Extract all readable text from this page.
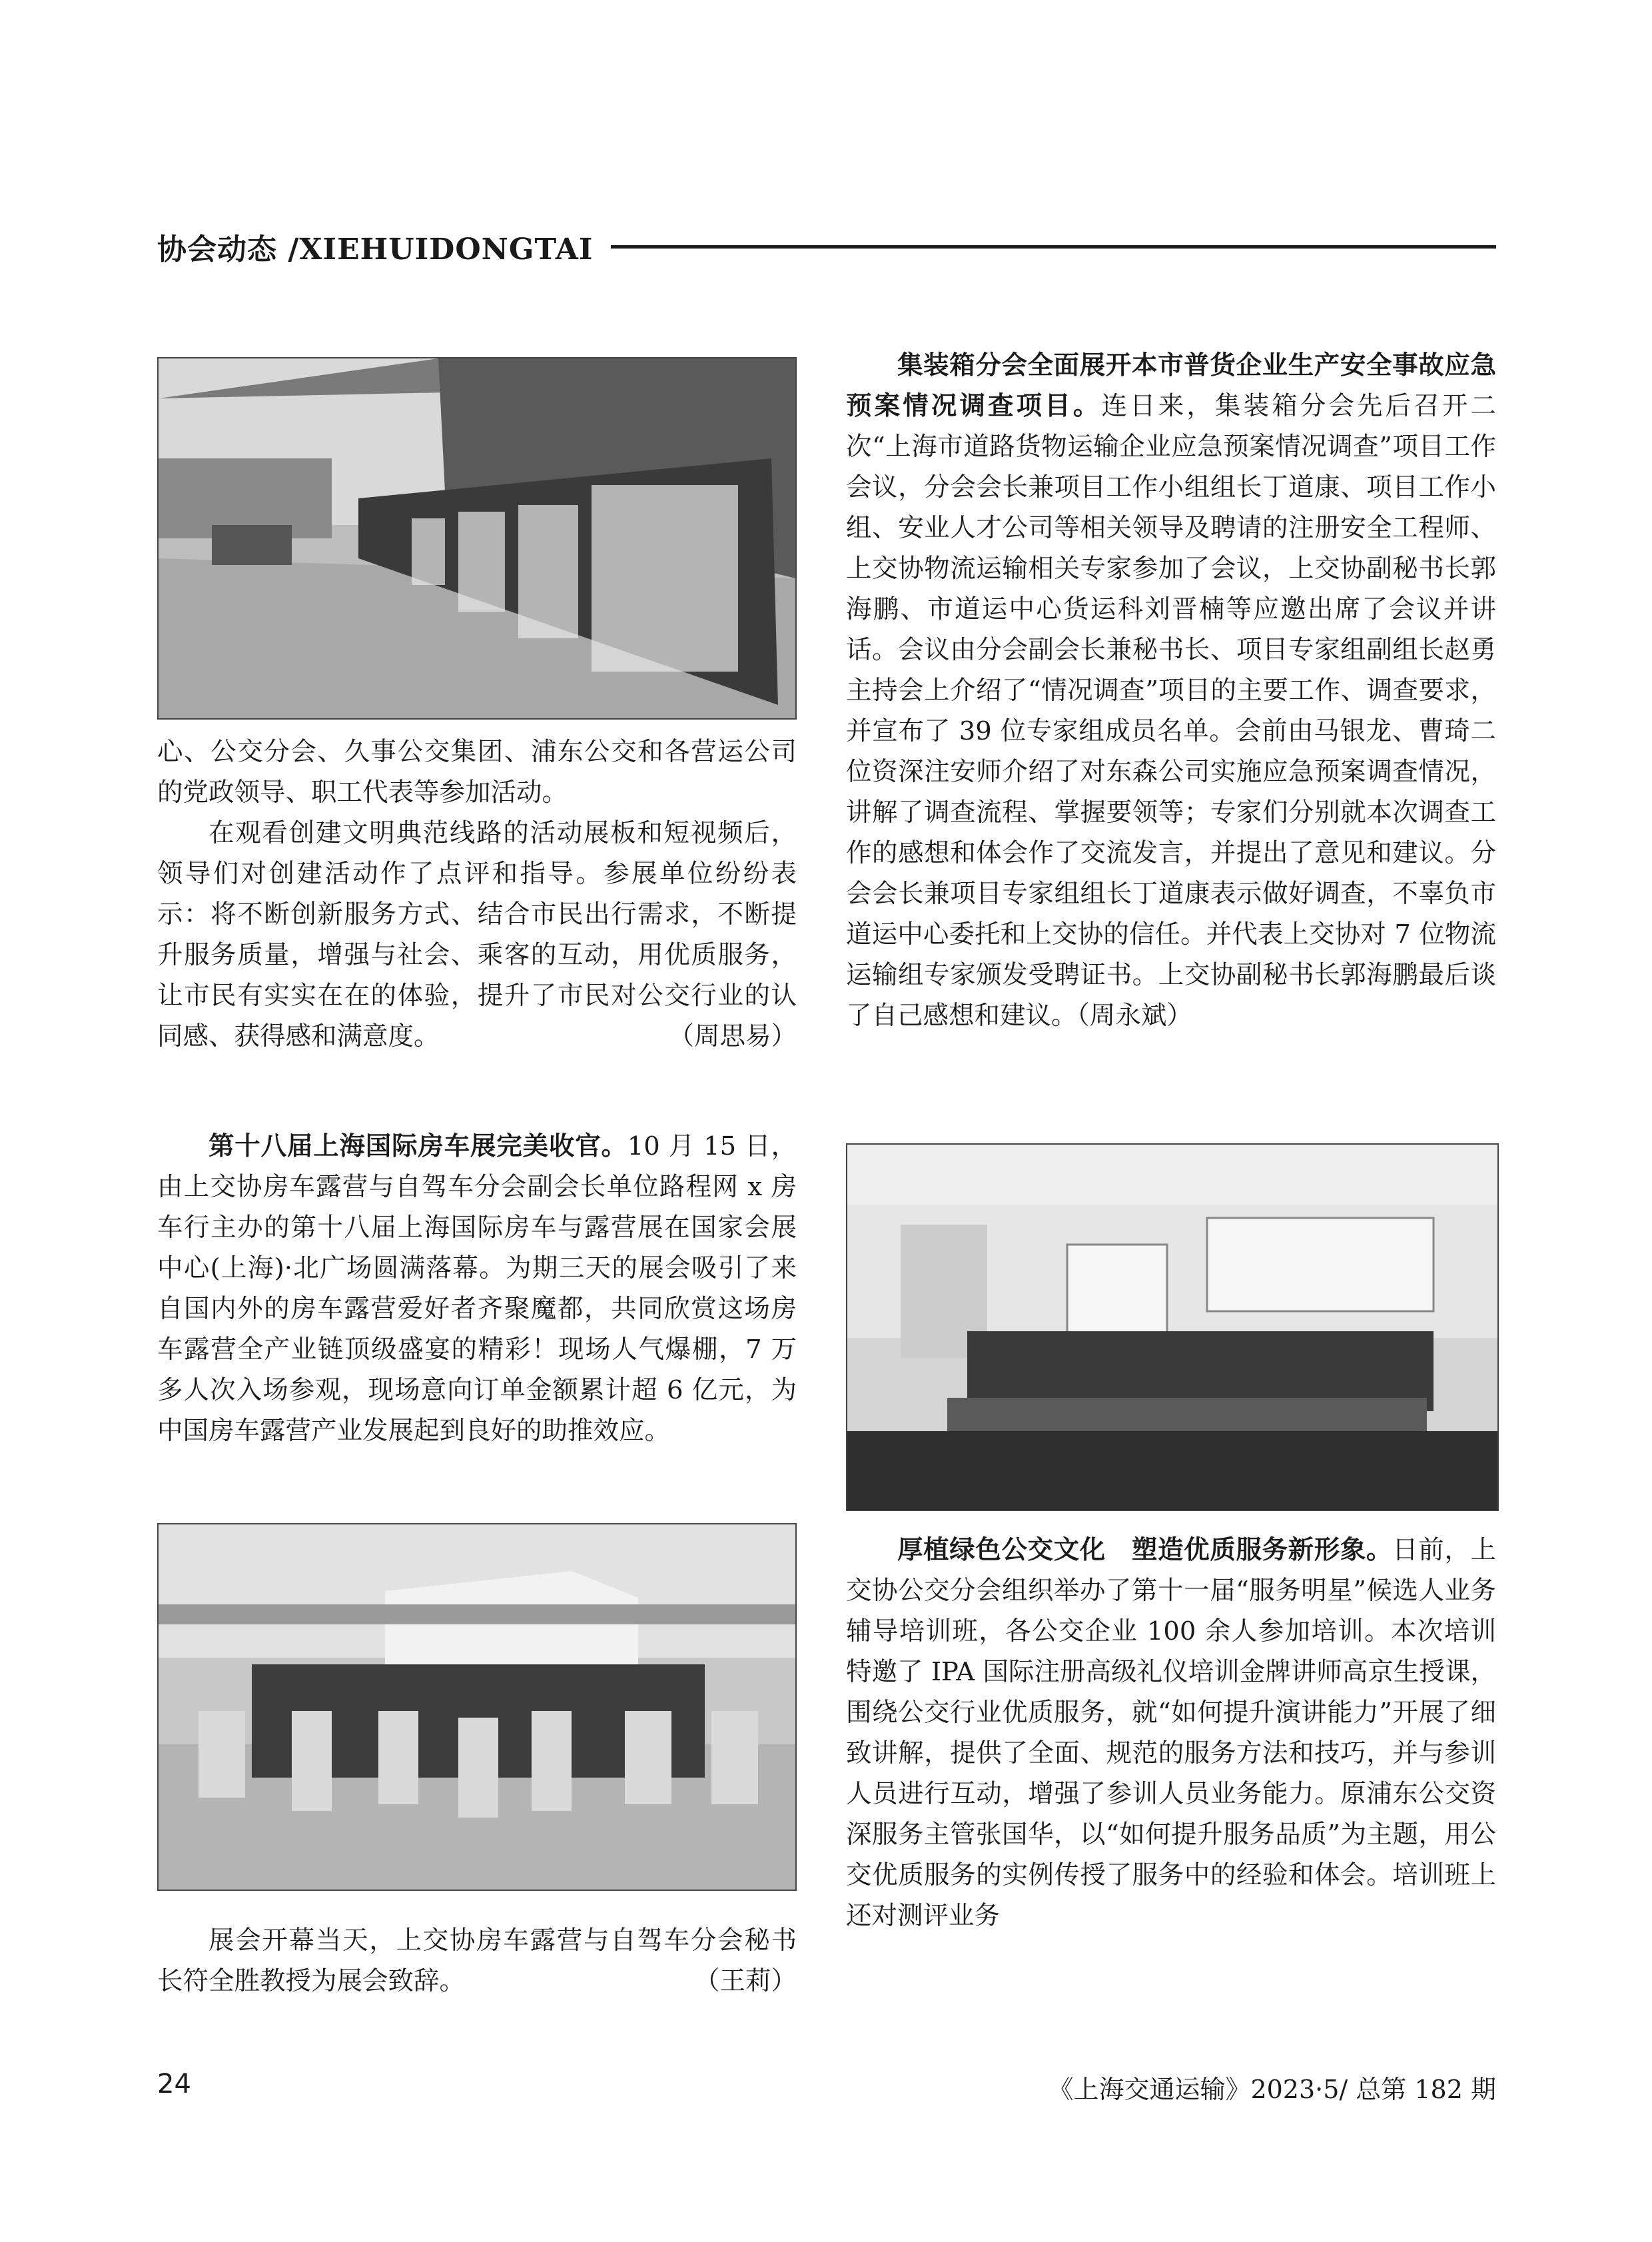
协会动态 /XIEHUIDONGTAI

心、公交分会、久事公交集团、浦东公交和各营运公司的党政领导、职工代表等参加活动。

在观看创建文明典范线路的活动展板和短视频后，领导们对创建活动作了点评和指导。参展单位纷纷表示：将不断创新服务方式、结合市民出行需求，不断提升服务质量，增强与社会、乘客的互动，用优质服务，让市民有实实在在的体验，提升了市民对公交行业的认同感、获得感和满意度。	（周思易）

第十八届上海国际房车展完美收官。10 月 15 日，由上交协房车露营与自驾车分会副会长单位路程网 x 房车行主办的第十八届上海国际房车与露营展在国家会展中心(上海)·北广场圆满落幕。为期三天的展会吸引了来自国内外的房车露营爱好者齐聚魔都，共同欣赏这场房车露营全产业链顶级盛宴的精彩！现场人气爆棚，7 万多人次入场参观，现场意向订单金额累计超 6 亿元，为中国房车露营产业发展起到良好的助推效应。

展会开幕当天，上交协房车露营与自驾车分会秘书长符全胜教授为展会致辞。	（王莉）

集装箱分会全面展开本市普货企业生产安全事故应急预案情况调查项目。连日来，集装箱分会先后召开二次“上海市道路货物运输企业应急预案情况调查”项目工作会议，分会会长兼项目工作小组组长丁道康、项目工作小组、安业人才公司等相关领导及聘请的注册安全工程师、上交协物流运输相关专家参加了会议，上交协副秘书长郭海鹏、市道运中心货运科刘晋楠等应邀出席了会议并讲话。会议由分会副会长兼秘书长、项目专家组副组长赵勇主持会上介绍了“情况调查”项目的主要工作、调查要求，并宣布了 39 位专家组成员名单。会前由马银龙、曹琦二位资深注安师介绍了对东森公司实施应急预案调查情况，讲解了调查流程、掌握要领等；专家们分别就本次调查工作的感想和体会作了交流发言，并提出了意见和建议。分会会长兼项目专家组组长丁道康表示做好调查，不辜负市道运中心委托和上交协的信任。并代表上交协对 7 位物流运输组专家颁发受聘证书。上交协副秘书长郭海鹏最后谈了自己感想和建议。（周永斌）

厚植绿色公交文化　塑造优质服务新形象。日前，上交协公交分会组织举办了第十一届“服务明星”候选人业务辅导培训班，各公交企业 100 余人参加培训。本次培训特邀了 IPA 国际注册高级礼仪培训金牌讲师高京生授课，围绕公交行业优质服务，就“如何提升演讲能力”开展了细致讲解，提供了全面、规范的服务方法和技巧，并与参训人员进行互动，增强了参训人员业务能力。原浦东公交资深服务主管张国华，以“如何提升服务品质”为主题，用公交优质服务的实例传授了服务中的经验和体会。培训班上还对测评业务

24	《上海交通运输》2023·5/ 总第 182 期
